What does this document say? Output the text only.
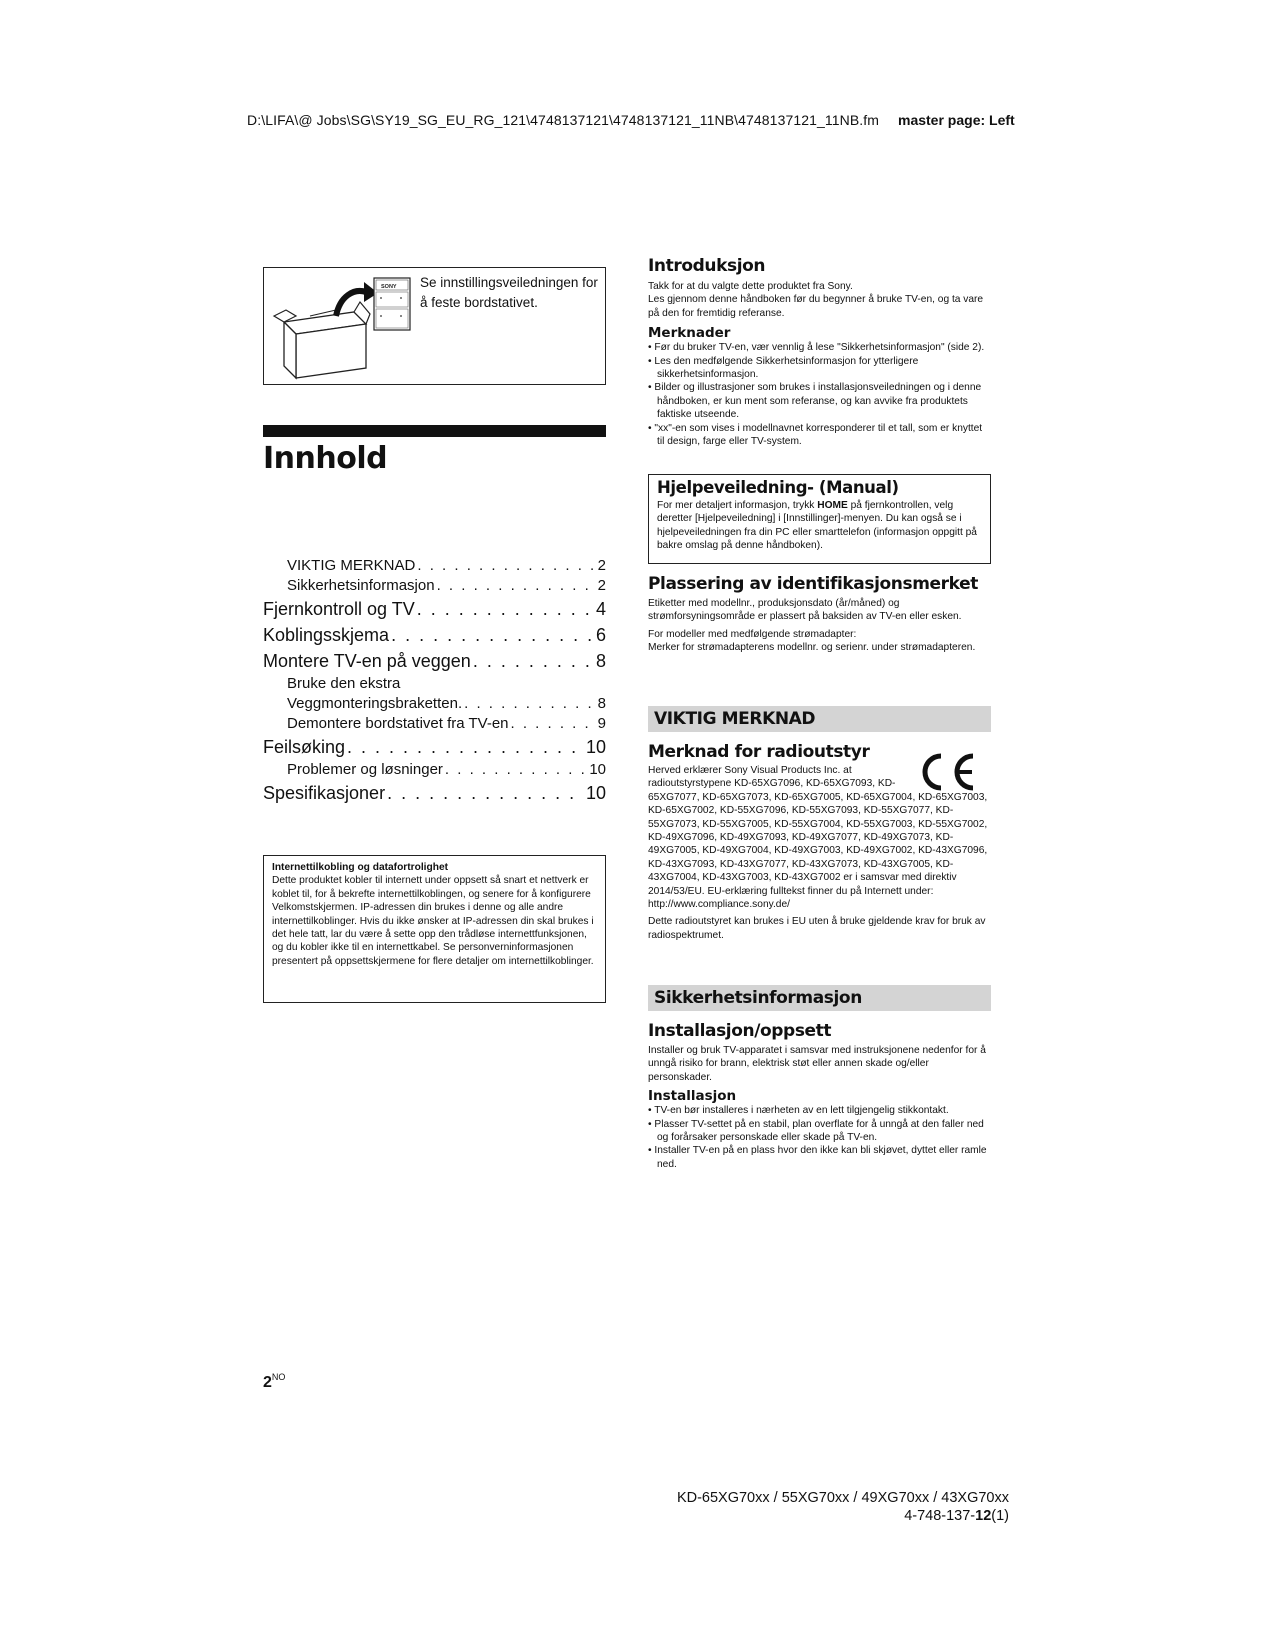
D:\LIFA\@ Jobs\SG\SY19_SG_EU_RG_121\4748137121\4748137121_11NB\4748137121_11NB.fm master page: Left
SONY Se innstillingsveiledningen for å feste bordstativet.
Innhold
VIKTIG MERKNAD . . .	2
Sikkerhetsinformasjon . . .	2
Fjernkontroll og TV . . .	4
Koblingsskjema . . .	6
Montere TV-en på veggen . . .	8
Bruke den ekstra
Veggmonteringsbraketten. . . .	8
Demontere bordstativet fra TV-en . . .	9
Feilsøking . . .	10
Problemer og løsninger . . .	10
Spesifikasjoner . . .	10
Internettilkobling og datafortrolighet
Dette produktet kobler til internett under oppsett så snart et nettverk er koblet til, for å bekrefte internettilkoblingen, og senere for å konfigurere Velkomstskjermen. IP-adressen din brukes i denne og alle andre internettilkoblinger. Hvis du ikke ønsker at IP-adressen din skal brukes i det hele tatt, lar du være å sette opp den trådløse internettfunksjonen, og du kobler ikke til en internettkabel. Se personverninformasjonen presentert på oppsettskjermene for flere detaljer om internettilkoblinger.
$2^{NO}$
Introduksjon
Takk for at du valgte dette produktet fra Sony.
Les gjennom denne håndboken før du begynner å bruke TV-en, og ta vare på den for fremtidig referanse.
Merknader
• Før du bruker TV-en, vær vennlig å lese "Sikkerhetsinformasjon" (side 2).
• Les den medfølgende Sikkerhetsinformasjon for ytterligere sikkerhetsinformasjon.
• Bilder og illustrasjoner som brukes i installasjonsveiledningen og i denne håndboken, er kun ment som referanse, og kan avvike fra produktets faktiske utseende.
• "xx"-en som vises i modellnavnet korresponderer til et tall, som er knyttet til design, farge eller TV-system.
Hjelpeveiledning- (Manual)
For mer detaljert informasjon, trykk HOME på fjernkontrollen, velg deretter [Hjelpeveiledning] i [Innstillinger]-menyen. Du kan også se i hjelpeveiledningen fra din PC eller smarttelefon (informasjon oppgitt på bakre omslag på denne håndboken).
Plassering av identifikasjonsmerket
Etiketter med modellnr., produksjonsdato (år/måned) og strømforsyningsområde er plassert på baksiden av TV-en eller esken.
For modeller med medfølgende strømadapter:
Merker for strømadapterens modellnr. og serienr. under strømadapteren.
VIKTIG MERKNAD
Merknad for radioutstyr
Herved erklærer Sony Visual Products Inc. at radioutstyrstypene KD-65XG7096, KD-65XG7093, KD-65XG7077, KD-65XG7073, KD-65XG7005, KD-65XG7004, KD-65XG7003, KD-65XG7002, KD-55XG7096, KD-55XG7093, KD-55XG7077, KD-55XG7073, KD-55XG7005, KD-55XG7004, KD-55XG7003, KD-55XG7002, KD-49XG7096, KD-49XG7093, KD-49XG7077, KD-49XG7073, KD-49XG7005, KD-49XG7004, KD-49XG7003, KD-49XG7002, KD-43XG7096, KD-43XG7093, KD-43XG7077, KD-43XG7073, KD-43XG7005, KD-43XG7004, KD-43XG7003, KD-43XG7002 er i samsvar med direktiv 2014/53/EU. EU-erklæring fulltekst finner du på Internett under: http://www.compliance.sony.de/
Dette radioutstyret kan brukes i EU uten å bruke gjeldende krav for bruk av radiospektrumet.
Sikkerhetsinformasjon
Installasjon/oppsett
Installer og bruk TV-apparatet i samsvar med instruksjonene nedenfor for å unngå risiko for brann, elektrisk støt eller annen skade og/eller personskader.
Installasjon
• TV-en bør installeres i nærheten av en lett tilgjengelig stikkontakt.
• Plasser TV-settet på en stabil, plan overflate for å unngå at den faller ned og forårsaker personskade eller skade på TV-en.
• Installer TV-en på en plass hvor den ikke kan bli skjøvet, dyttet eller ramle ned.
KD-65XG70xx / 55XG70xx / 49XG70xx / 43XG70xx
4-748-137-12(1)
